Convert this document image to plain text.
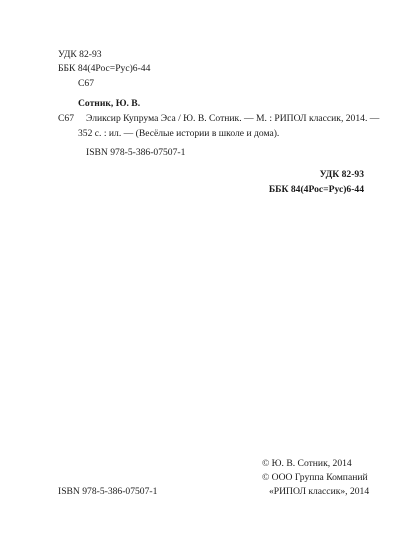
УДК 82-93
ББК 84(4Рос=Рус)6-44
С67
Сотник, Ю. В.
С67 Эликсир Купрума Эса / Ю. В. Сотник. — М. : РИПОЛ классик, 2014. —
352 с. : ил. — (Весёлые истории в школе и дома).
ISBN 978-5-386-07507-1
УДК 82-93
ББК 84(4Рос=Рус)6-44
© Ю. В. Сотник, 2014
© ООО Группа Компаний
«РИПОЛ классик», 2014
ISBN 978-5-386-07507-1
